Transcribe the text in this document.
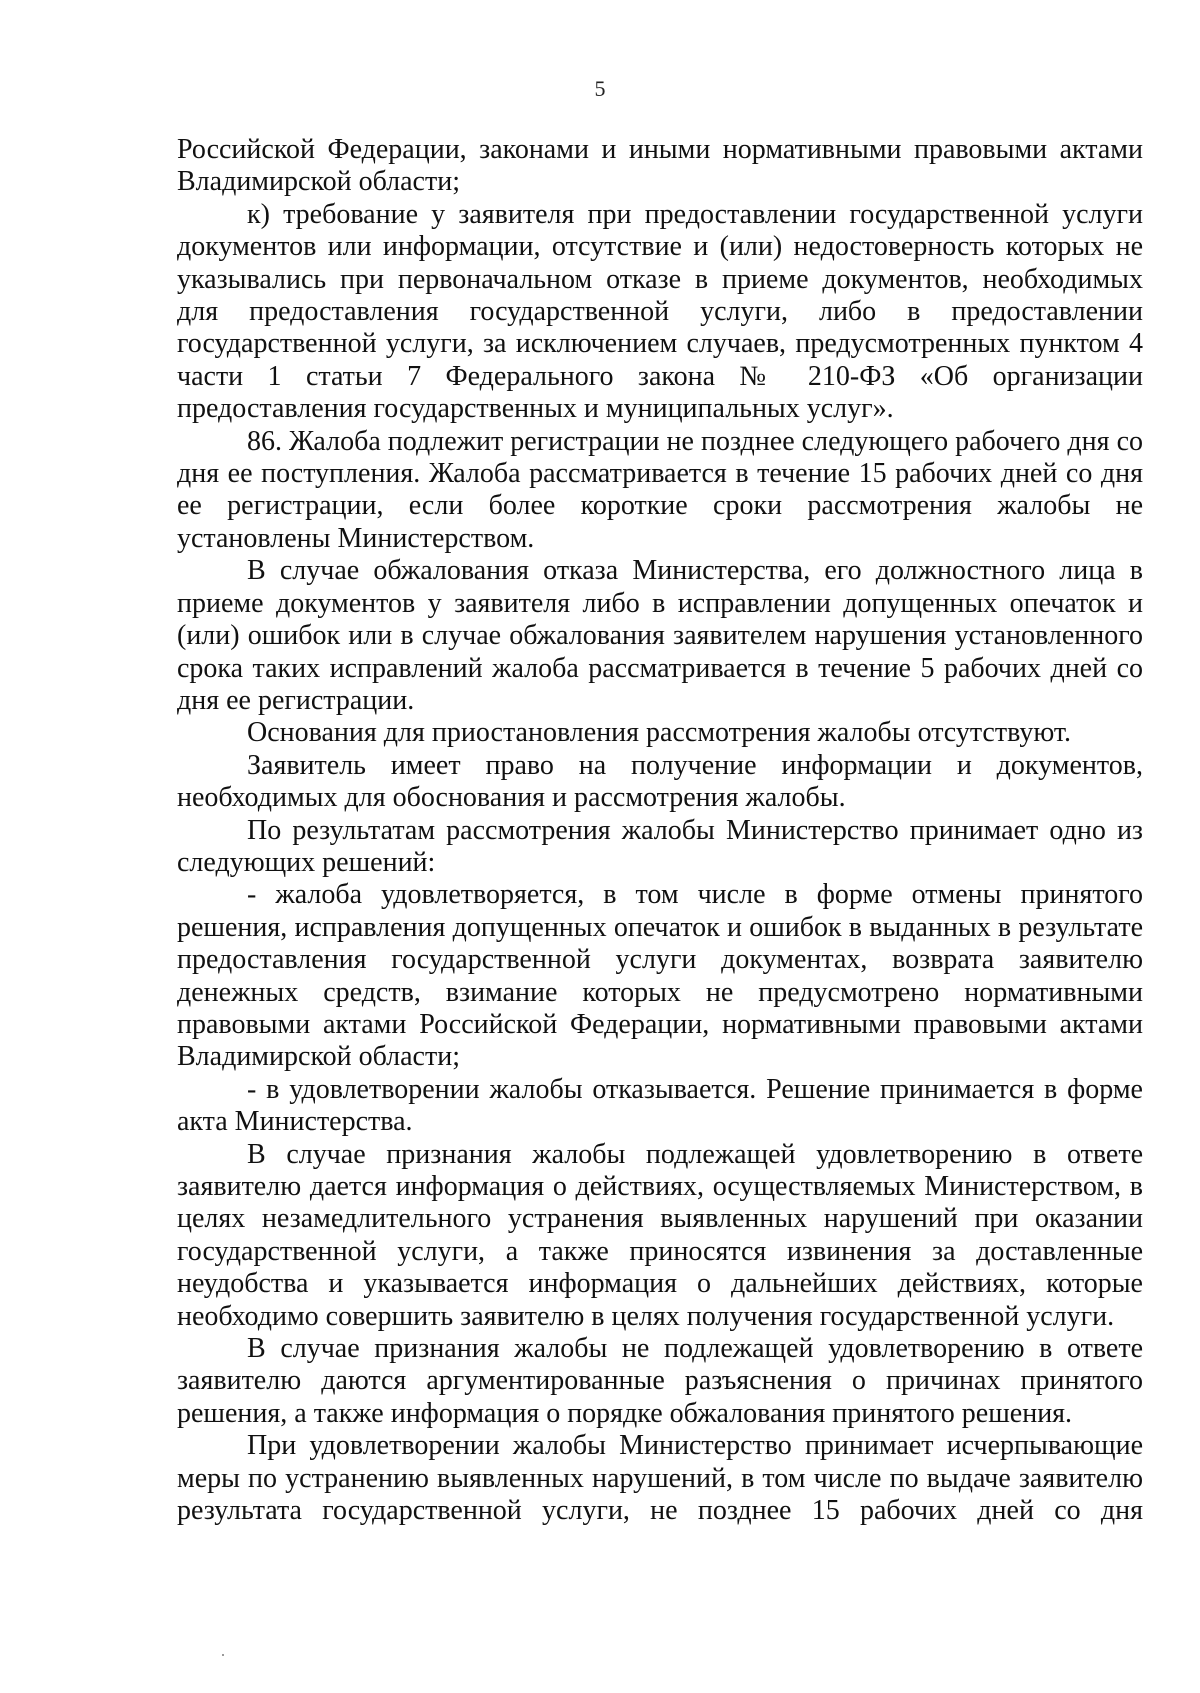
5

Российской Федерации, законами и иными нормативными правовыми актами Владимирской области;

к) требование у заявителя при предоставлении государственной услуги документов или информации, отсутствие и (или) недостоверность которых не указывались при первоначальном отказе в приеме документов, необходимых для предоставления государственной услуги, либо в предоставлении государственной услуги, за исключением случаев, предусмотренных пунктом 4 части 1 статьи 7 Федерального закона № 210-ФЗ «Об организации предоставления государственных и муниципальных услуг».

86. Жалоба подлежит регистрации не позднее следующего рабочего дня со дня ее поступления. Жалоба рассматривается в течение 15 рабочих дней со дня ее регистрации, если более короткие сроки рассмотрения жалобы не установлены Министерством.

В случае обжалования отказа Министерства, его должностного лица в приеме документов у заявителя либо в исправлении допущенных опечаток и (или) ошибок или в случае обжалования заявителем нарушения установленного срока таких исправлений жалоба рассматривается в течение 5 рабочих дней со дня ее регистрации.

Основания для приостановления рассмотрения жалобы отсутствуют.

Заявитель имеет право на получение информации и документов, необходимых для обоснования и рассмотрения жалобы.

По результатам рассмотрения жалобы Министерство принимает одно из следующих решений:

- жалоба удовлетворяется, в том числе в форме отмены принятого решения, исправления допущенных опечаток и ошибок в выданных в результате предоставления государственной услуги документах, возврата заявителю денежных средств, взимание которых не предусмотрено нормативными правовыми актами Российской Федерации, нормативными правовыми актами Владимирской области;

- в удовлетворении жалобы отказывается. Решение принимается в форме акта Министерства.

В случае признания жалобы подлежащей удовлетворению в ответе заявителю дается информация о действиях, осуществляемых Министерством, в целях незамедлительного устранения выявленных нарушений при оказании государственной услуги, а также приносятся извинения за доставленные неудобства и указывается информация о дальнейших действиях, которые необходимо совершить заявителю в целях получения государственной услуги.

В случае признания жалобы не подлежащей удовлетворению в ответе заявителю даются аргументированные разъяснения о причинах принятого решения, а также информация о порядке обжалования принятого решения.

При удовлетворении жалобы Министерство принимает исчерпывающие меры по устранению выявленных нарушений, в том числе по выдаче заявителю результата государственной услуги, не позднее 15 рабочих дней со дня
